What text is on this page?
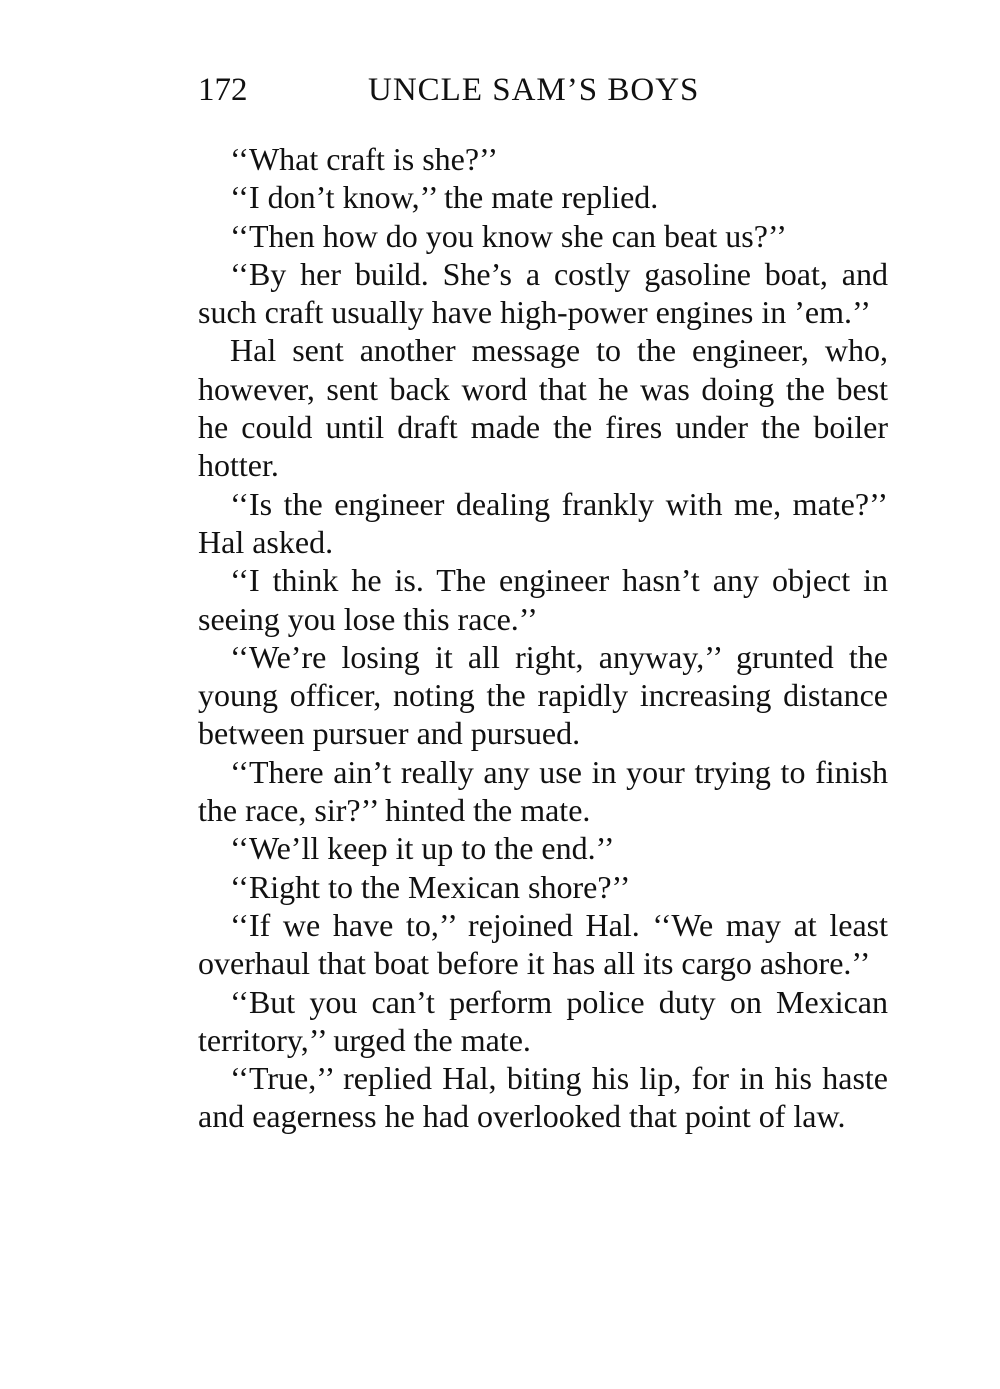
172	UNCLE SAM’S BOYS

‘‘What craft is she?’’

‘‘I don’t know,’’ the mate replied.

‘‘Then how do you know she can beat us?’’

‘‘By her build. She’s a costly gasoline boat, and such craft usually have high-power engines in ’em.’’

Hal sent another message to the engineer, who, however, sent back word that he was doing the best he could until draft made the fires under the boiler hotter.

‘‘Is the engineer dealing frankly with me, mate?’’ Hal asked.

‘‘I think he is. The engineer hasn’t any object in seeing you lose this race.’’

‘‘We’re losing it all right, anyway,’’ grunted the young officer, noting the rapidly increasing distance between pursuer and pursued.

‘‘There ain’t really any use in your trying to finish the race, sir?’’ hinted the mate.

‘‘We’ll keep it up to the end.’’

‘‘Right to the Mexican shore?’’

‘‘If we have to,’’ rejoined Hal. ‘‘We may at least overhaul that boat before it has all its cargo ashore.’’

‘‘But you can’t perform police duty on Mexican territory,’’ urged the mate.

‘‘True,’’ replied Hal, biting his lip, for in his haste and eagerness he had overlooked that point of law.
